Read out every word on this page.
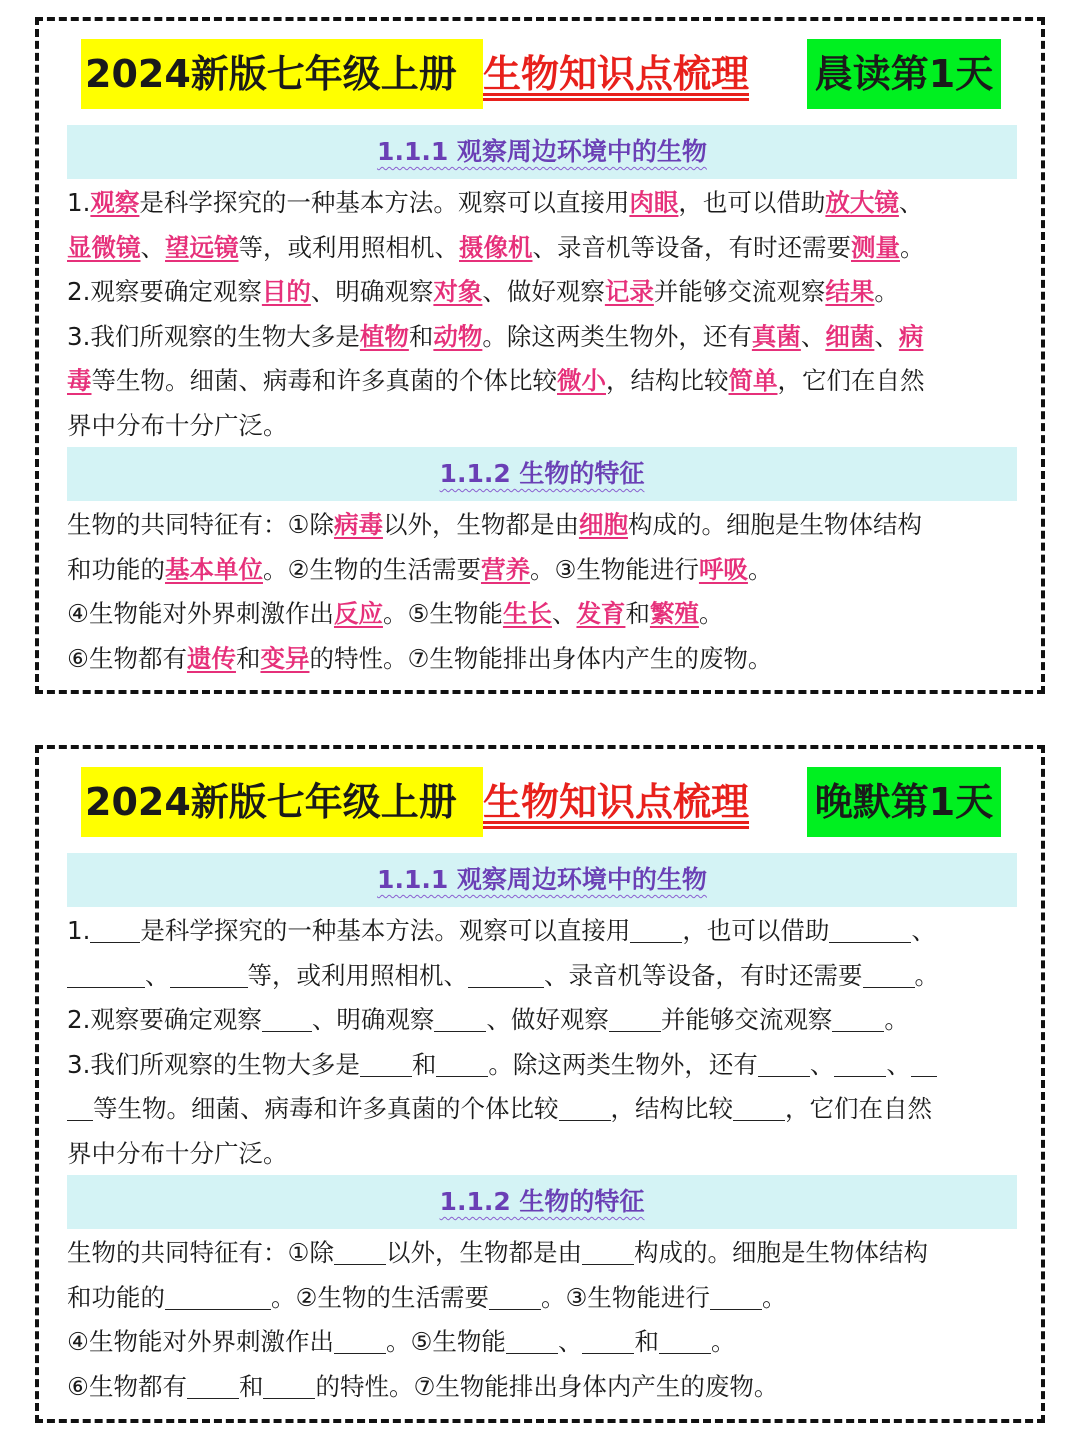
2024新版七年级上册 生物知识点梳理 晨读第1天
1.1.1 观察周边环境中的生物
1.观察是科学探究的一种基本方法。观察可以直接用肉眼，也可以借助放大镜、
显微镜、望远镜等，或利用照相机、摄像机、录音机等设备，有时还需要测量。
2.观察要确定观察目的、明确观察对象、做好观察记录并能够交流观察结果。
3.我们所观察的生物大多是植物和动物。除这两类生物外，还有真菌、细菌、病
毒等生物。细菌、病毒和许多真菌的个体比较微小，结构比较简单，它们在自然
界中分布十分广泛。
1.1.2 生物的特征
生物的共同特征有：①除病毒以外，生物都是由细胞构成的。细胞是生物体结构
和功能的基本单位。②生物的生活需要营养。③生物能进行呼吸。
④生物能对外界刺激作出反应。⑤生物能生长、发育和繁殖。
⑥生物都有遗传和变异的特性。⑦生物能排出身体内产生的废物。
2024新版七年级上册 生物知识点梳理 晚默第1天
1.1.1 观察周边环境中的生物
1. 是科学探究的一种基本方法。观察可以直接用 ，也可以借助	、
、	等，或利用照相机、	、录音机等设备，有时还需要 。
2.观察要确定观察 、明确观察 、做好观察 并能够交流观察 。
3.我们所观察的生物大多是 和 。除这两类生物外，还有 、 、
等生物。细菌、病毒和许多真菌的个体比较 ，结构比较 ，它们在自然
界中分布十分广泛。
1.1.2 生物的特征
生物的共同特征有：①除 以外，生物都是由 构成的。细胞是生物体结构
和功能的	。②生物的生活需要 。③生物能进行 。
④生物能对外界刺激作出 。⑤生物能 、 和 。
⑥生物都有 和 的特性。⑦生物能排出身体内产生的废物。
